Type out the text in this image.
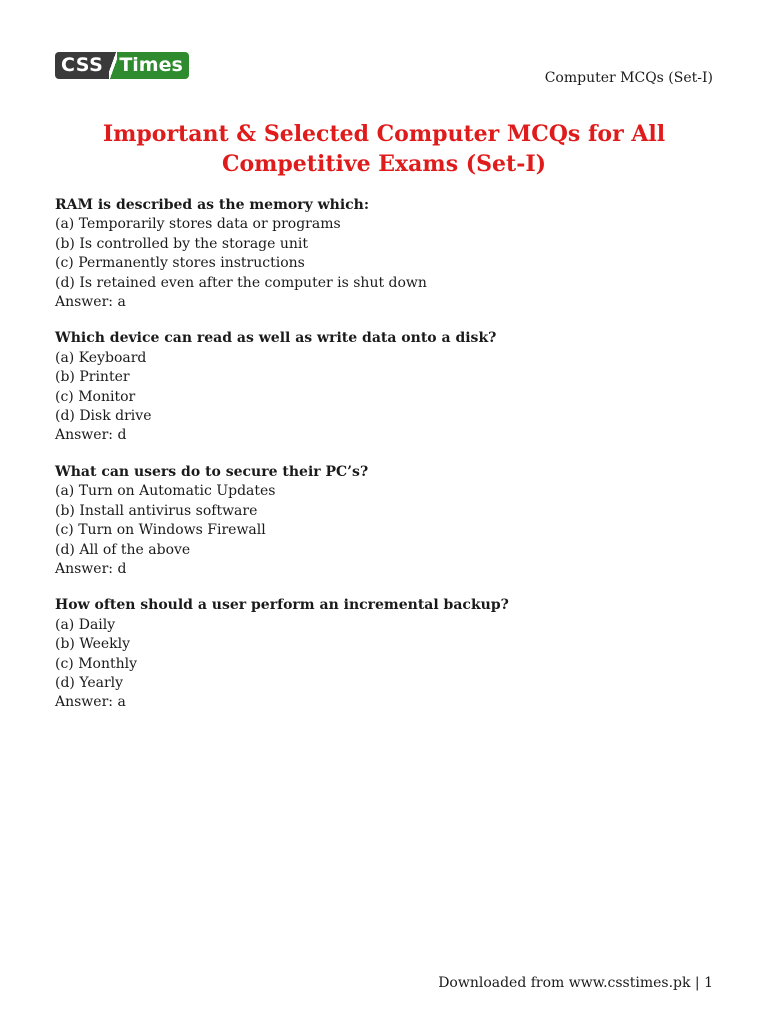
CSS Times
Computer MCQs (Set-I)
Important & Selected Computer MCQs for All
Competitive Exams (Set-I)
RAM is described as the memory which:
(a) Temporarily stores data or programs
(b) Is controlled by the storage unit
(c) Permanently stores instructions
(d) Is retained even after the computer is shut down
Answer: a
Which device can read as well as write data onto a disk?
(a) Keyboard
(b) Printer
(c) Monitor
(d) Disk drive
Answer: d
What can users do to secure their PC’s?
(a) Turn on Automatic Updates
(b) Install antivirus software
(c) Turn on Windows Firewall
(d) All of the above
Answer: d
How often should a user perform an incremental backup?
(a) Daily
(b) Weekly
(c) Monthly
(d) Yearly
Answer: a
Downloaded from www.csstimes.pk | 1
